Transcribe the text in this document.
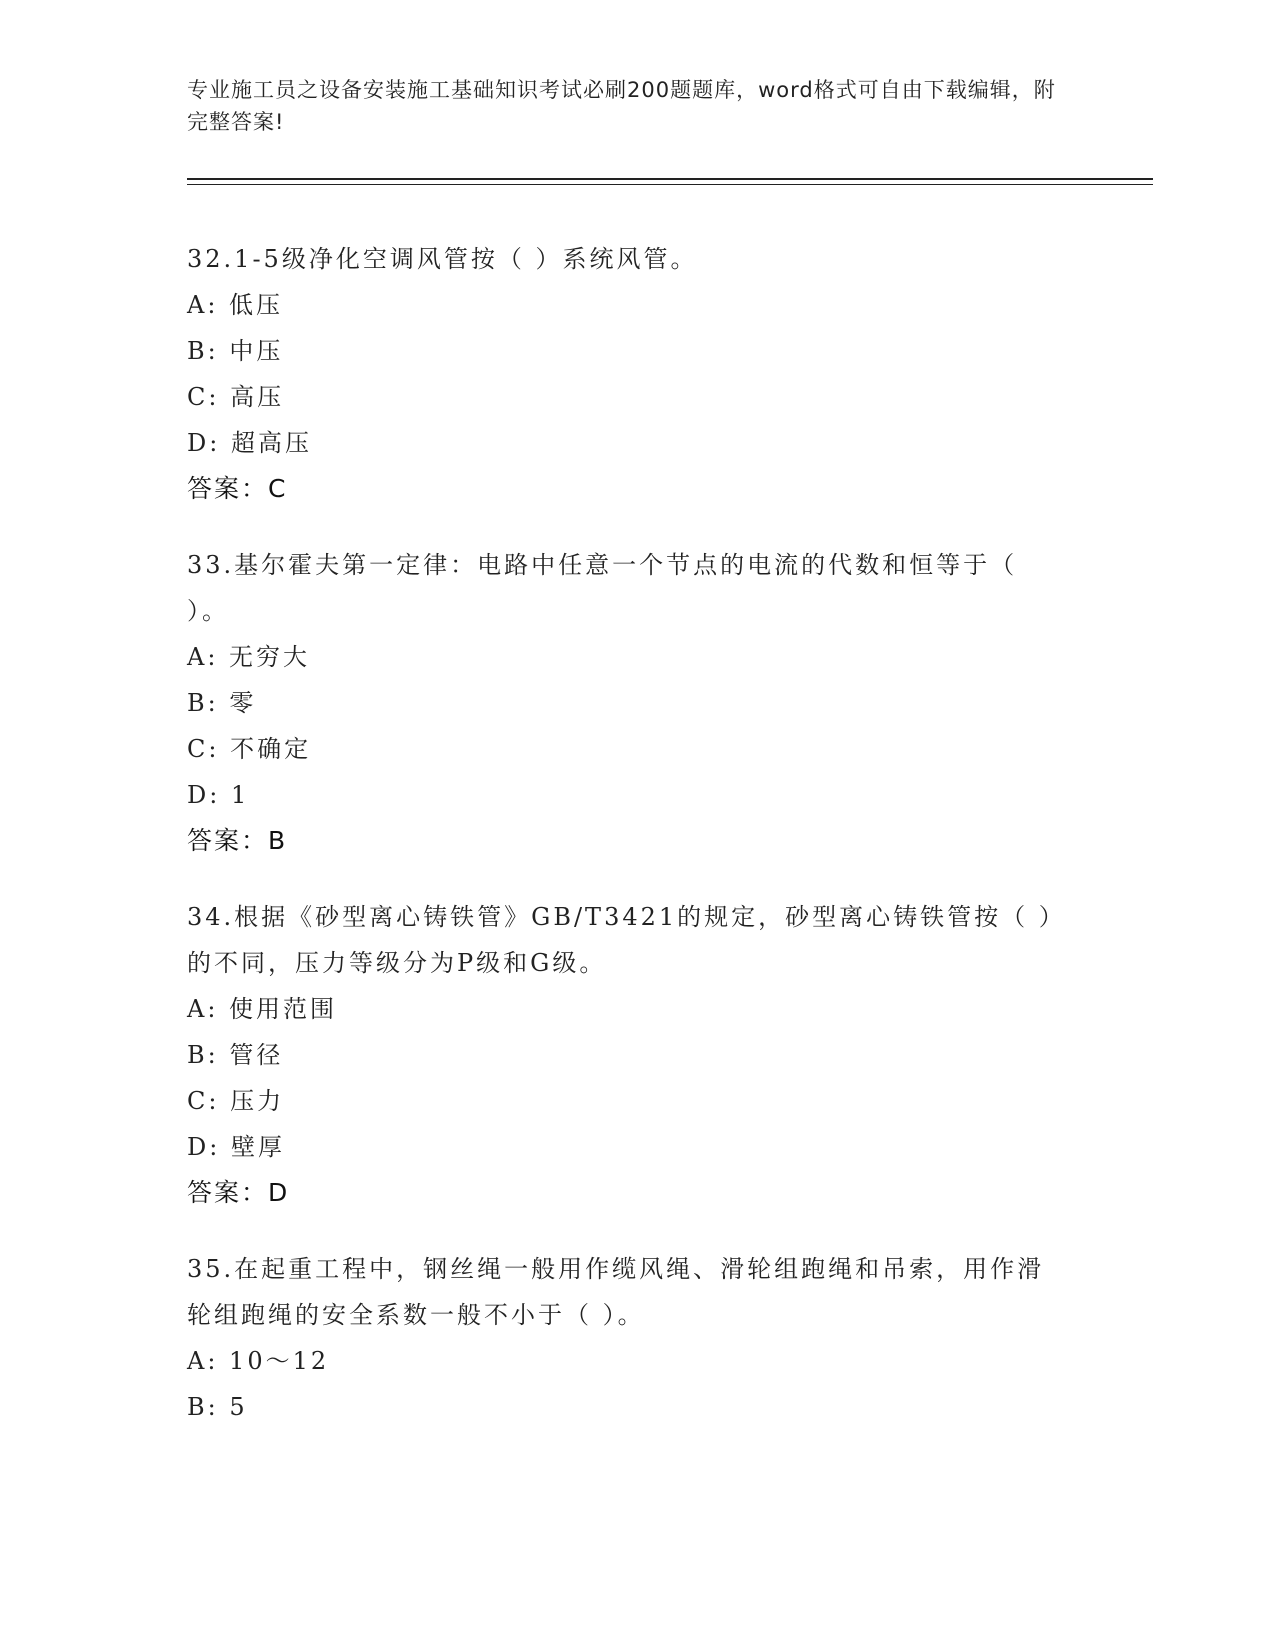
专业施工员之设备安装施工基础知识考试必刷200题题库，word格式可自由下载编辑，附完整答案!

32.1-5级净化空调风管按（ ）系统风管。

A: 低压

B: 中压

C: 高压

D: 超高压

答案：C

33.基尔霍夫第一定律：电路中任意一个节点的电流的代数和恒等于（ ）。

A: 无穷大

B: 零

C: 不确定

D: 1

答案：B

34.根据《砂型离心铸铁管》GB/T3421的规定，砂型离心铸铁管按（ ）的不同，压力等级分为P级和G级。

A: 使用范围

B: 管径

C: 压力

D: 壁厚

答案：D

35.在起重工程中，钢丝绳一般用作缆风绳、滑轮组跑绳和吊索，用作滑轮组跑绳的安全系数一般不小于（ ）。

A: 10～12

B: 5
